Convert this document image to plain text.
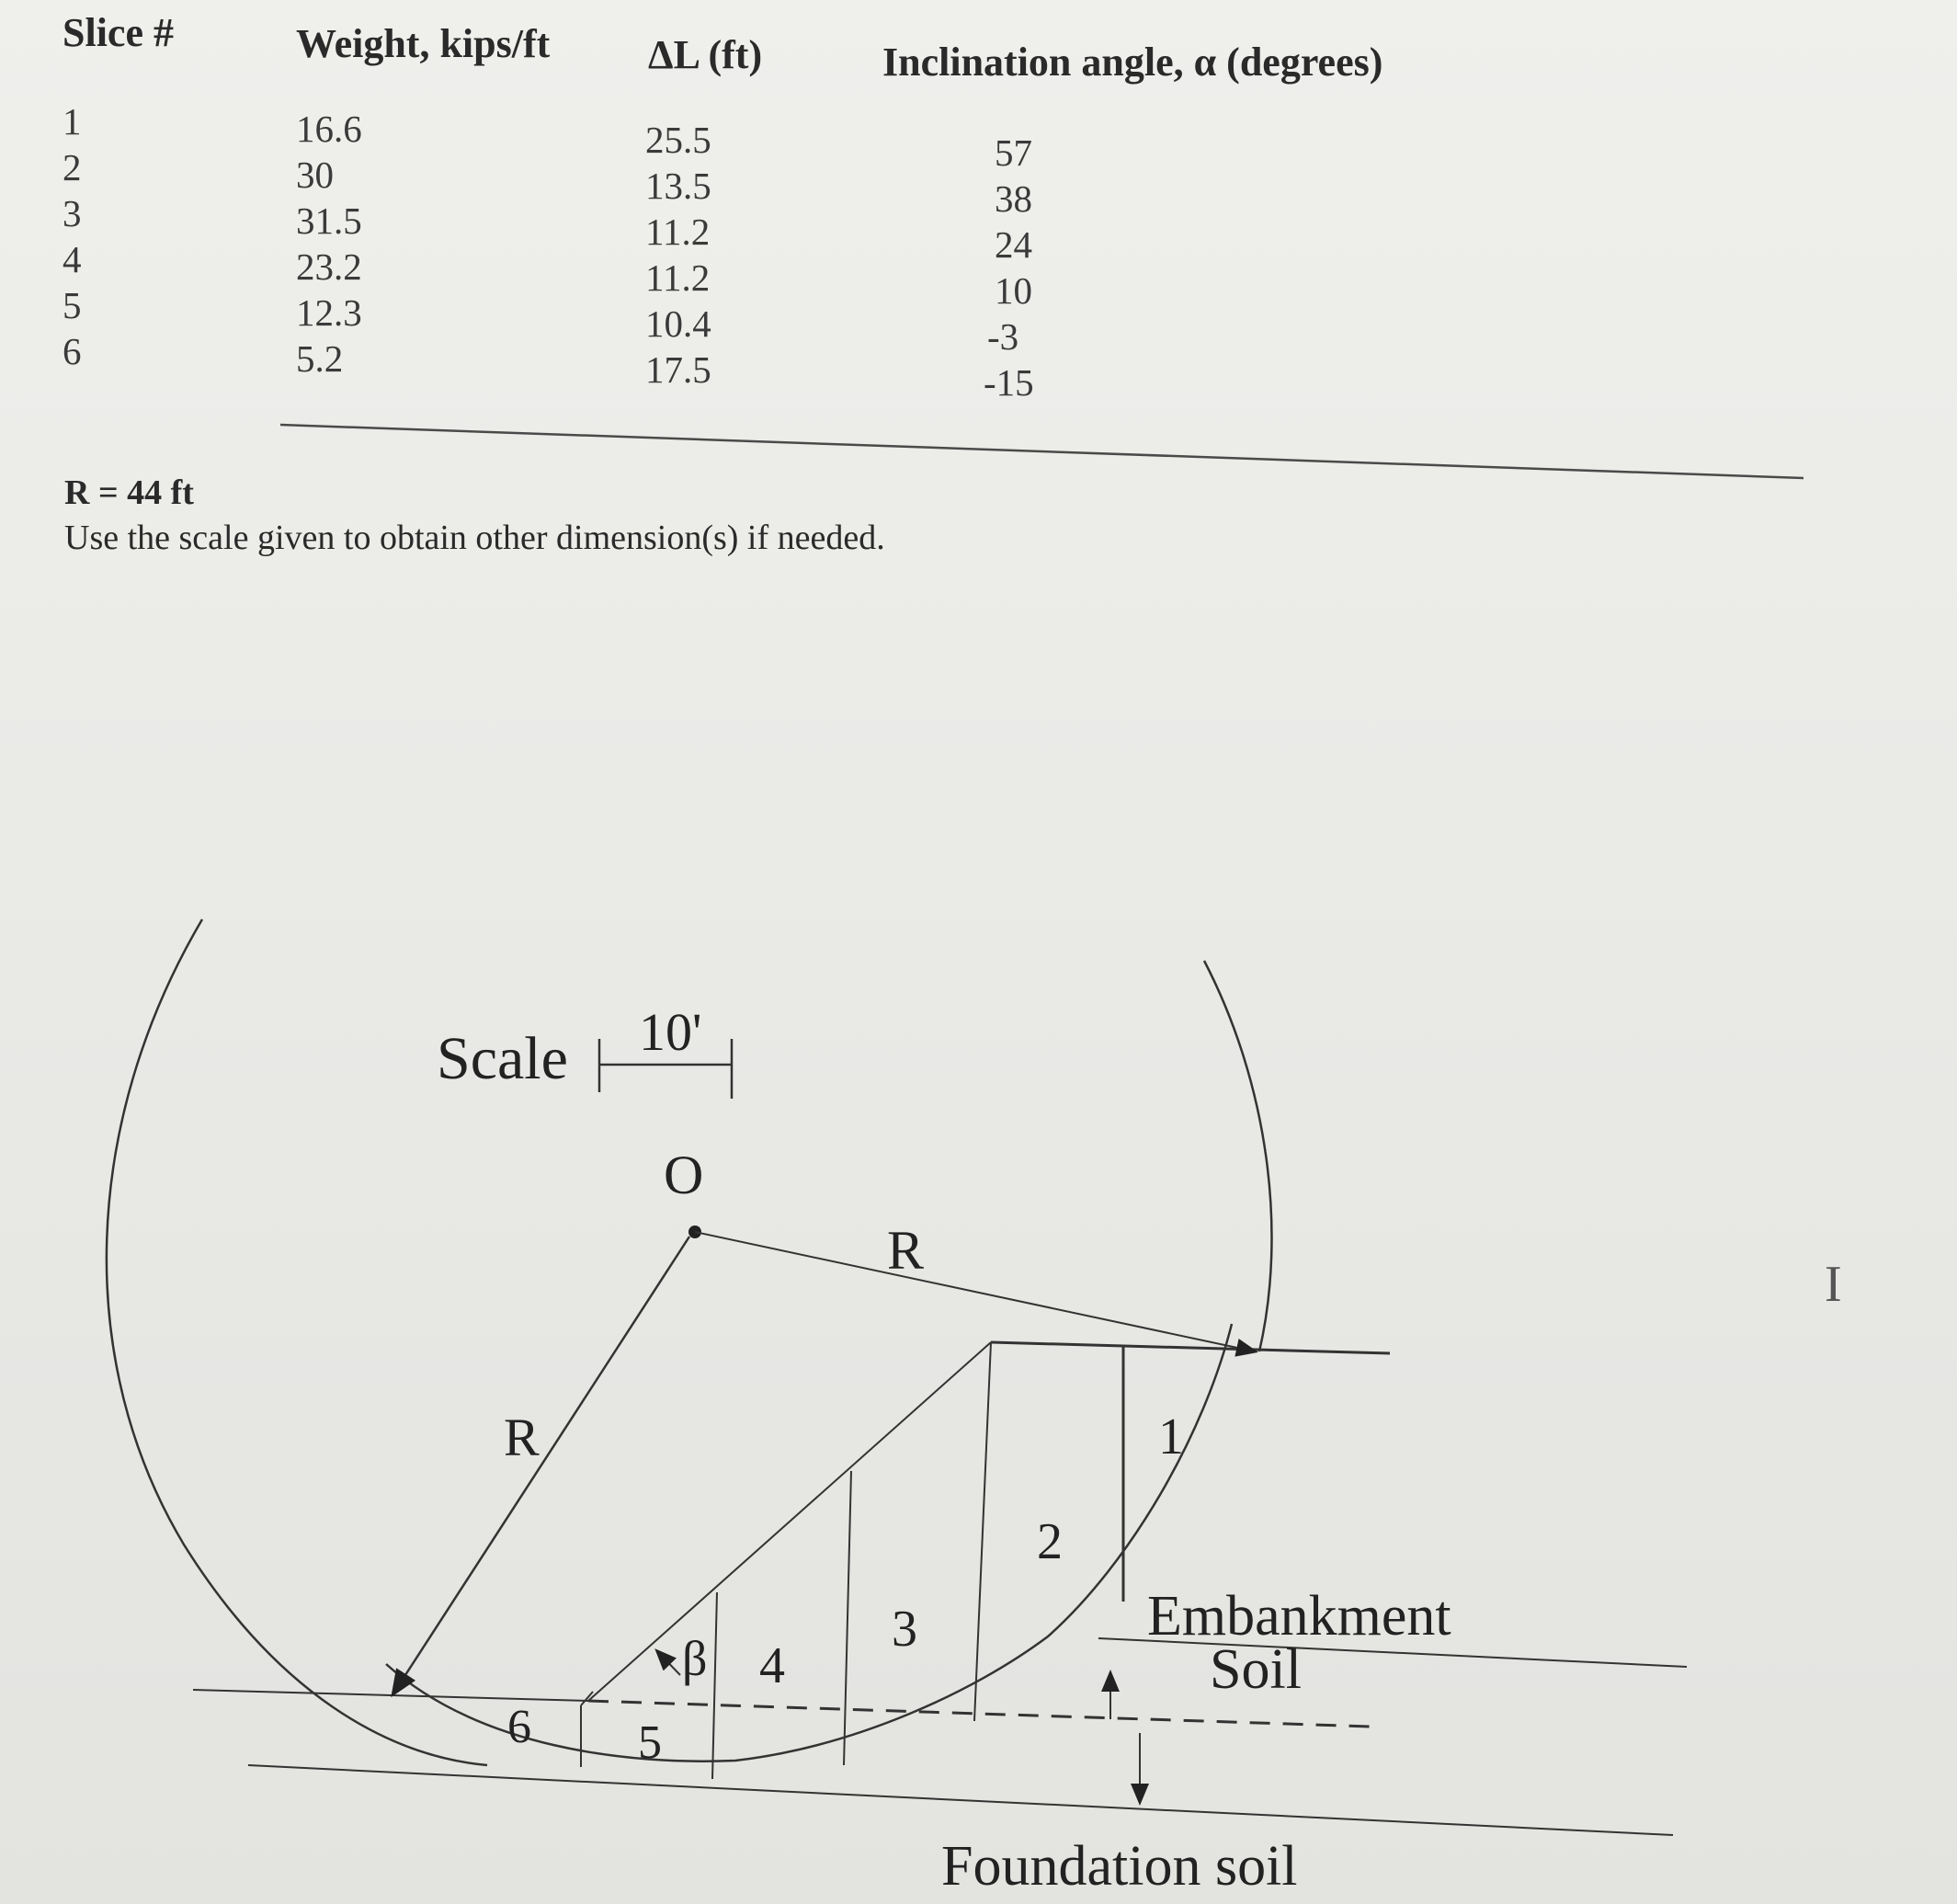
Slice #	Weight, kips/ft ΔL (ft)	Inclination angle, α (degrees)
1
2
3
4
5
6
16.6
30
31.5
23.2
12.3
5.2
25.5
13.5
11.2
11.2
10.4
17.5
57
38
24
10
-3
-15
R = 44 ft
Use the scale given to obtain other dimension(s) if needed.
Scale 10'
O
R
R
β
1
2
3
4
5
6
Embankment
Soil
Foundation soil
I
